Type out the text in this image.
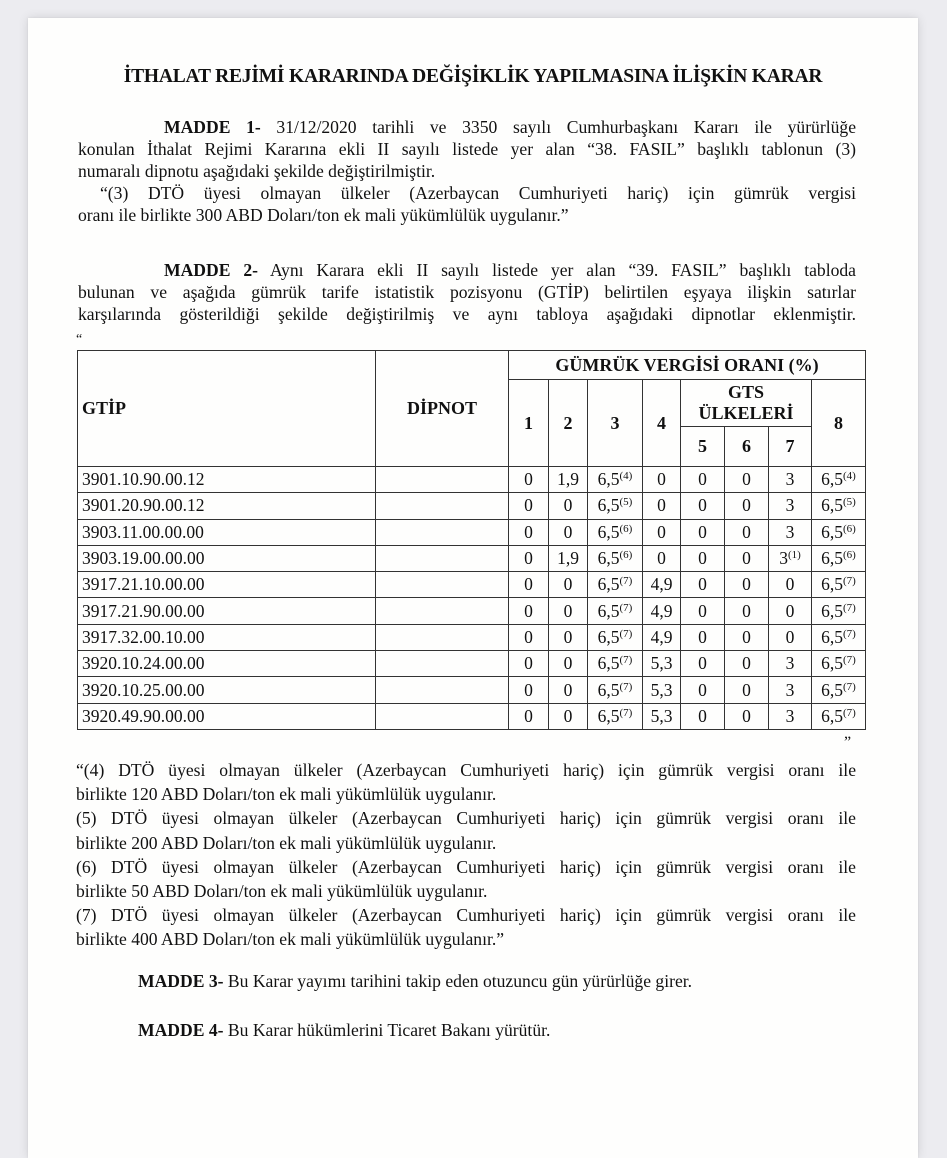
İTHALAT REJİMİ KARARINDA DEĞİŞİKLİK YAPILMASINA İLİŞKİN KARAR
MADDE 1- 31/12/2020 tarihli ve 3350 sayılı Cumhurbaşkanı Kararı ile yürürlüğe
konulan İthalat Rejimi Kararına ekli II sayılı listede yer alan “38. FASIL” başlıklı tablonun (3)
numaralı dipnotu aşağıdaki şekilde değiştirilmiştir.
“(3) DTÖ üyesi olmayan ülkeler (Azerbaycan Cumhuriyeti hariç) için gümrük vergisi
oranı ile birlikte 300 ABD Doları/ton ek mali yükümlülük uygulanır.”
MADDE 2- Aynı Karara ekli II sayılı listede yer alan “39. FASIL” başlıklı tabloda
bulunan ve aşağıda gümrük tarife istatistik pozisyonu (GTİP) belirtilen eşyaya ilişkin satırlar
karşılarında gösterildiği şekilde değiştirilmiş ve aynı tabloya aşağıdaki dipnotlar eklenmiştir.
“
GTİP	DİPNOT	GÜMRÜK VERGİSİ ORANI (%)							
		1	2	3	4	GTS
ÜLKELERİ			8
						5	6	7	
3901.10.90.00.12		0	1,9	6,5$^{(4)}$	0	0	0	3	6,5$^{(4)}$
3901.20.90.00.12		0	0	6,5$^{(5)}$	0	0	0	3	6,5$^{(5)}$
3903.11.00.00.00		0	0	6,5$^{(6)}$	0	0	0	3	6,5$^{(6)}$
3903.19.00.00.00		0	1,9	6,5$^{(6)}$	0	0	0	3$^{(1)}$	6,5$^{(6)}$
3917.21.10.00.00		0	0	6,5$^{(7)}$	4,9	0	0	0	6,5$^{(7)}$
3917.21.90.00.00		0	0	6,5$^{(7)}$	4,9	0	0	0	6,5$^{(7)}$
3917.32.00.10.00		0	0	6,5$^{(7)}$	4,9	0	0	0	6,5$^{(7)}$
3920.10.24.00.00		0	0	6,5$^{(7)}$	5,3	0	0	3	6,5$^{(7)}$
3920.10.25.00.00		0	0	6,5$^{(7)}$	5,3	0	0	3	6,5$^{(7)}$
3920.49.90.00.00		0	0	6,5$^{(7)}$	5,3	0	0	3	6,5$^{(7)}$
”
“(4) DTÖ üyesi olmayan ülkeler (Azerbaycan Cumhuriyeti hariç) için gümrük vergisi oranı ile
birlikte 120 ABD Doları/ton ek mali yükümlülük uygulanır.
(5) DTÖ üyesi olmayan ülkeler (Azerbaycan Cumhuriyeti hariç) için gümrük vergisi oranı ile
birlikte 200 ABD Doları/ton ek mali yükümlülük uygulanır.
(6) DTÖ üyesi olmayan ülkeler (Azerbaycan Cumhuriyeti hariç) için gümrük vergisi oranı ile
birlikte 50 ABD Doları/ton ek mali yükümlülük uygulanır.
(7) DTÖ üyesi olmayan ülkeler (Azerbaycan Cumhuriyeti hariç) için gümrük vergisi oranı ile
birlikte 400 ABD Doları/ton ek mali yükümlülük uygulanır.”
MADDE 3- Bu Karar yayımı tarihini takip eden otuzuncu gün yürürlüğe girer.
MADDE 4- Bu Karar hükümlerini Ticaret Bakanı yürütür.
